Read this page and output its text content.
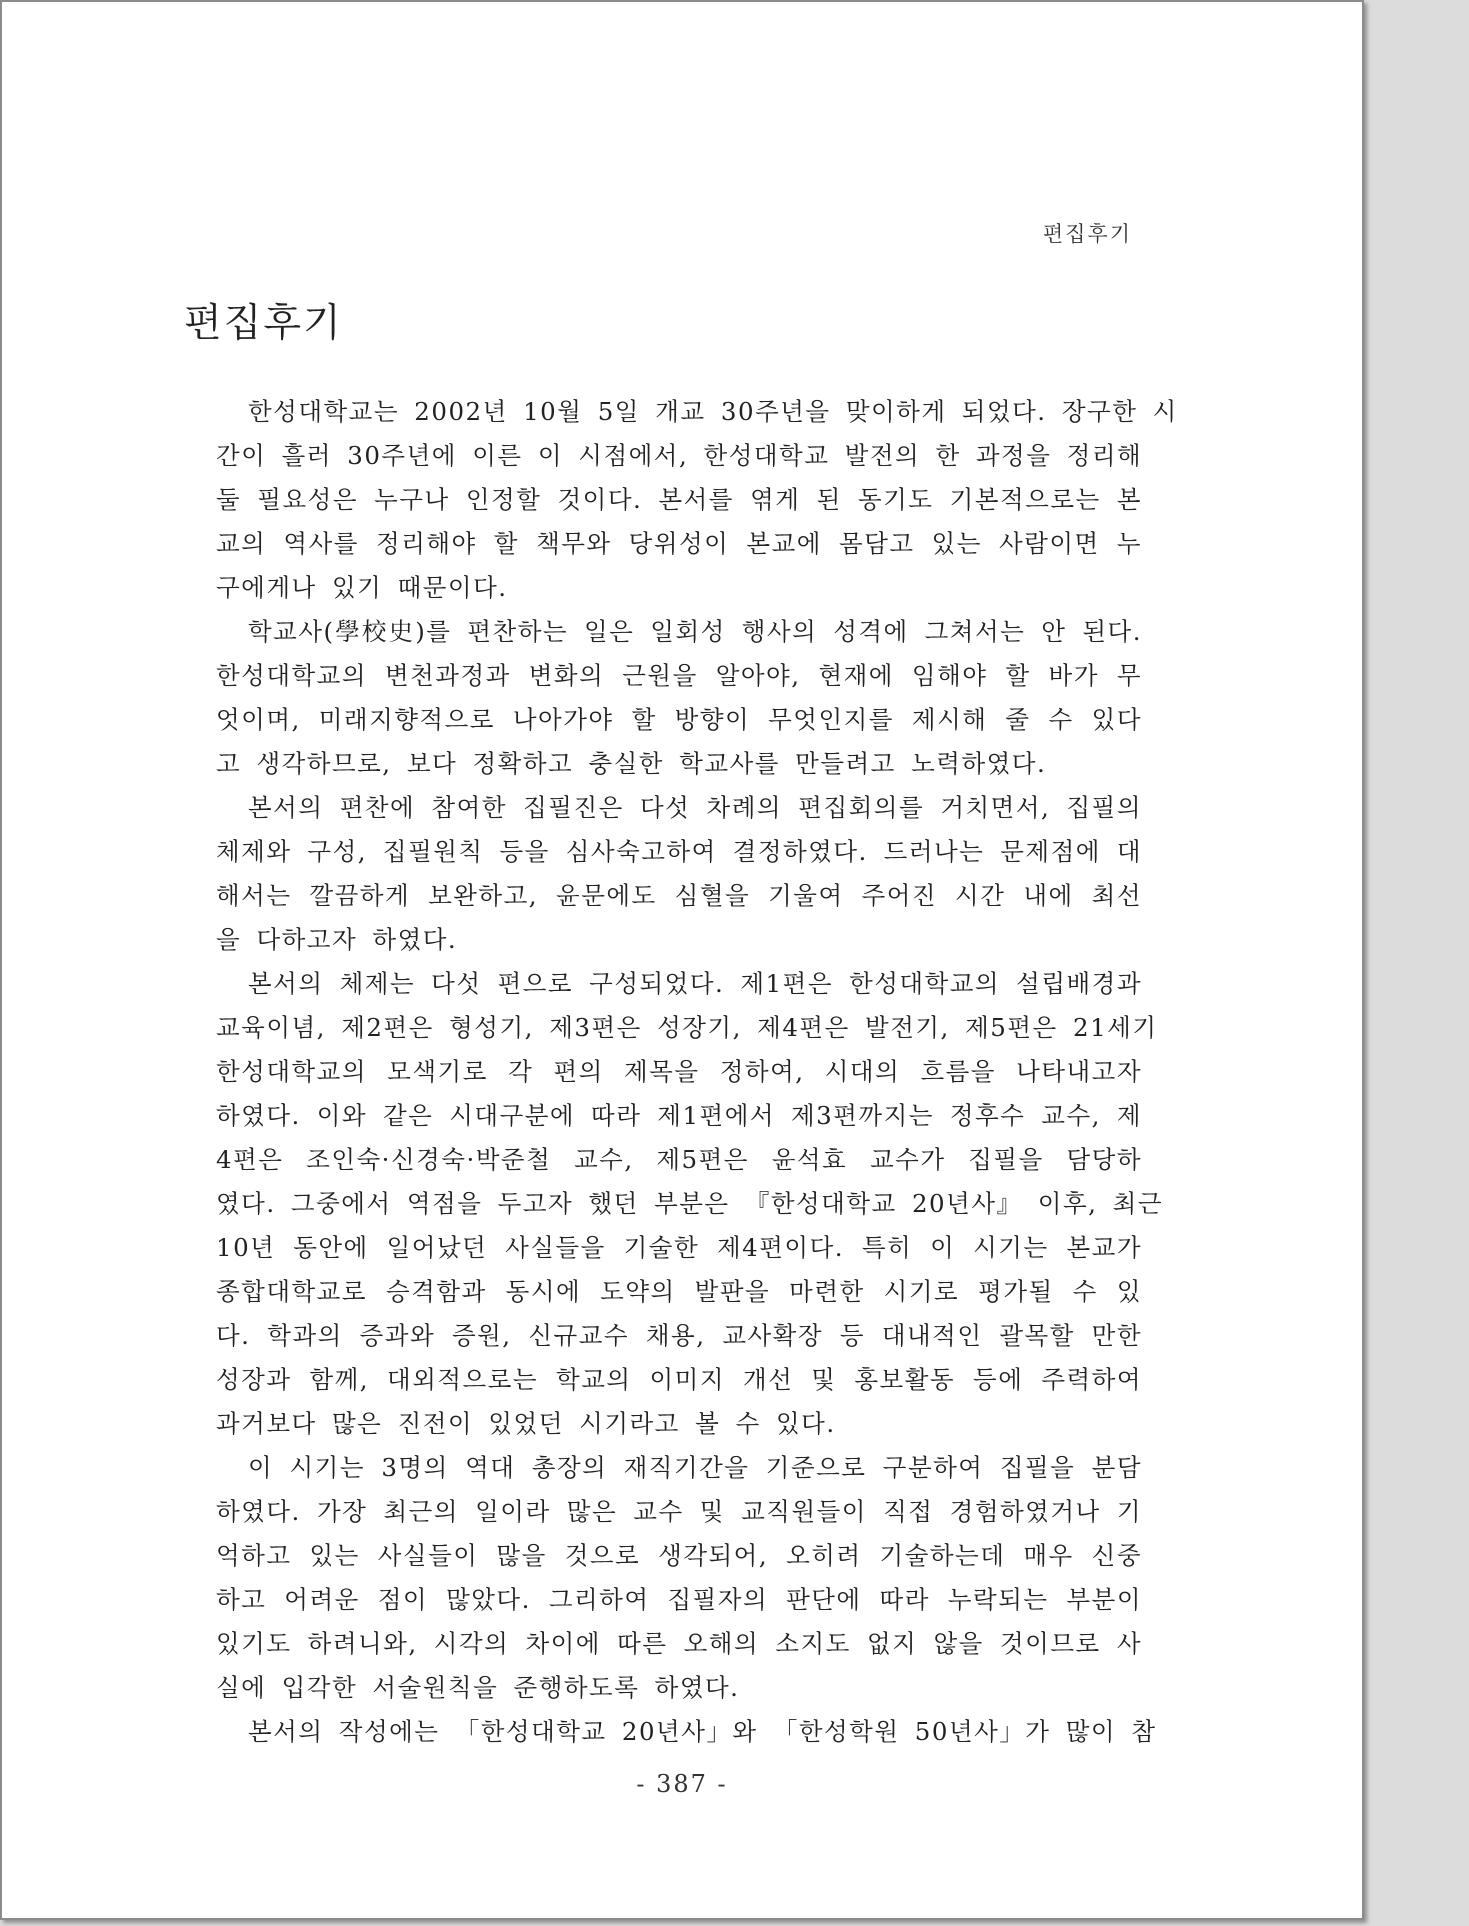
편집후기
편집후기

한성대학교는 2002년 10월 5일 개교 30주년을 맞이하게 되었다. 장구한 시
간이 흘러 30주년에 이른 이 시점에서, 한성대학교 발전의 한 과정을 정리해
둘 필요성은 누구나 인정할 것이다. 본서를 엮게 된 동기도 기본적으로는 본
교의 역사를 정리해야 할 책무와 당위성이 본교에 몸담고 있는 사람이면 누
구에게나 있기 때문이다.

학교사(學校史)를 편찬하는 일은 일회성 행사의 성격에 그쳐서는 안 된다.
한성대학교의 변천과정과 변화의 근원을 알아야, 현재에 임해야 할 바가 무
엇이며, 미래지향적으로 나아가야 할 방향이 무엇인지를 제시해 줄 수 있다
고 생각하므로, 보다 정확하고 충실한 학교사를 만들려고 노력하였다.

본서의 편찬에 참여한 집필진은 다섯 차례의 편집회의를 거치면서, 집필의
체제와 구성, 집필원칙 등을 심사숙고하여 결정하였다. 드러나는 문제점에 대
해서는 깔끔하게 보완하고, 윤문에도 심혈을 기울여 주어진 시간 내에 최선
을 다하고자 하였다.

본서의 체제는 다섯 편으로 구성되었다. 제1편은 한성대학교의 설립배경과
교육이념, 제2편은 형성기, 제3편은 성장기, 제4편은 발전기, 제5편은 21세기
한성대학교의 모색기로 각 편의 제목을 정하여, 시대의 흐름을 나타내고자
하였다. 이와 같은 시대구분에 따라 제1편에서 제3편까지는 정후수 교수, 제
4편은 조인숙·신경숙·박준철 교수, 제5편은 윤석효 교수가 집필을 담당하
였다. 그중에서 역점을 두고자 했던 부분은 『한성대학교 20년사』 이후, 최근
10년 동안에 일어났던 사실들을 기술한 제4편이다. 특히 이 시기는 본교가
종합대학교로 승격함과 동시에 도약의 발판을 마련한 시기로 평가될 수 있
다. 학과의 증과와 증원, 신규교수 채용, 교사확장 등 대내적인 괄목할 만한
성장과 함께, 대외적으로는 학교의 이미지 개선 및 홍보활동 등에 주력하여
과거보다 많은 진전이 있었던 시기라고 볼 수 있다.

이 시기는 3명의 역대 총장의 재직기간을 기준으로 구분하여 집필을 분담
하였다. 가장 최근의 일이라 많은 교수 및 교직원들이 직접 경험하였거나 기
억하고 있는 사실들이 많을 것으로 생각되어, 오히려 기술하는데 매우 신중
하고 어려운 점이 많았다. 그리하여 집필자의 판단에 따라 누락되는 부분이
있기도 하려니와, 시각의 차이에 따른 오해의 소지도 없지 않을 것이므로 사
실에 입각한 서술원칙을 준행하도록 하였다.

본서의 작성에는 「한성대학교 20년사」와 「한성학원 50년사」가 많이 참

- 387 -
